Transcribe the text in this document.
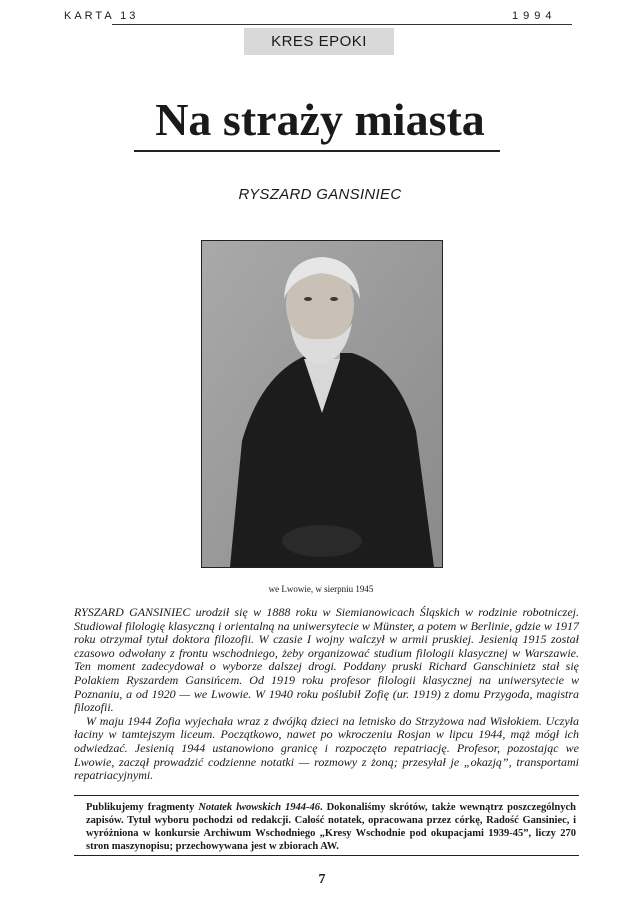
KARTA 13	1994
KRES EPOKI
Na straży miasta
RYSZARD GANSINIEC
we Lwowie, w sierpniu 1945

RYSZARD GANSINIEC urodził się w 1888 roku w Siemianowicach Śląskich w rodzinie robotniczej. Studiował filologię klasyczną i orientalną na uniwersytecie w Münster, a potem w Berlinie, gdzie w 1917 roku otrzymał tytuł doktora filozofii. W czasie I wojny walczył w armii pruskiej. Jesienią 1915 został czasowo odwołany z frontu wschodniego, żeby organizować studium filologii klasycznej w Warszawie. Ten moment zadecydował o wyborze dalszej drogi. Poddany pruski Richard Ganschinietz stał się Polakiem Ryszardem Gansińcem. Od 1919 roku profesor filologii klasycznej na uniwersytecie w Poznaniu, a od 1920 — we Lwowie. W 1940 roku poślubił Zofię (ur. 1919) z domu Przygoda, magistra filozofii.

W maju 1944 Zofia wyjechała wraz z dwójką dzieci na letnisko do Strzyżowa nad Wisłokiem. Uczyła łaciny w tamtejszym liceum. Początkowo, nawet po wkroczeniu Rosjan w lipcu 1944, mąż mógł ich odwiedzać. Jesienią 1944 ustanowiono granicę i rozpoczęto repatriację. Profesor, pozostając we Lwowie, zaczął prowadzić codzienne notatki — rozmowy z żoną; przesyłał je „okazją”, transportami repatriacyjnymi.

Publikujemy fragmenty Notatek lwowskich 1944-46. Dokonaliśmy skrótów, także wewnątrz poszczególnych zapisów. Tytuł wyboru pochodzi od redakcji. Całość notatek, opracowana przez córkę, Radość Gansiniec, i wyróżniona w konkursie Archiwum Wschodniego „Kresy Wschodnie pod okupacjami 1939-45”, liczy 270 stron maszynopisu; przechowywana jest w zbiorach AW.

7
